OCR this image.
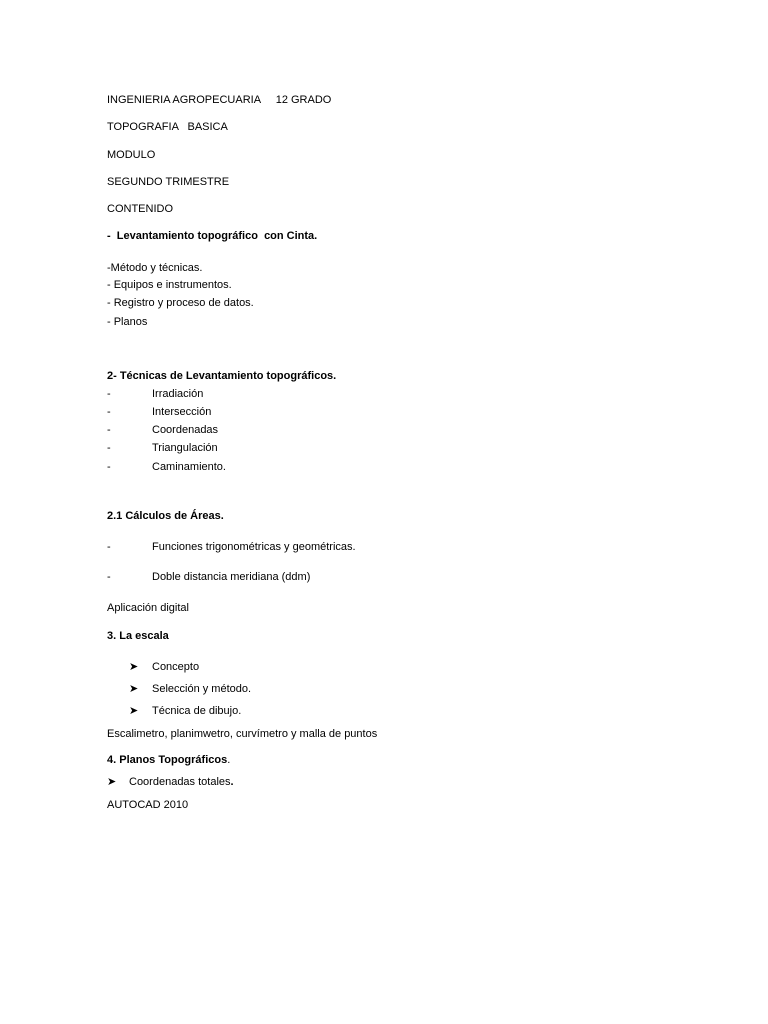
INGENIERIA AGROPECUARIA     12 GRADO
TOPOGRAFIA   BASICA
MODULO
SEGUNDO TRIMESTRE
CONTENIDO
-  Levantamiento topográfico  con Cinta.
-Método y técnicas.
- Equipos e instrumentos.
- Registro y proceso de datos.
- Planos
2- Técnicas de Levantamiento topográficos.
-	Irradiación
-	Intersección
-	Coordenadas
-	Triangulación
-	Caminamiento.
2.1 Cálculos de Áreas.
-	Funciones trigonométricas y geométricas.
-	Doble distancia meridiana (ddm)
Aplicación digital
3. La escala
➤ Concepto
➤ Selección y método.
➤ Técnica de dibujo.
Escalimetro, planimwetro, curvímetro y malla de puntos
4. Planos Topográficos.
➤ Coordenadas totales.
AUTOCAD 2010
